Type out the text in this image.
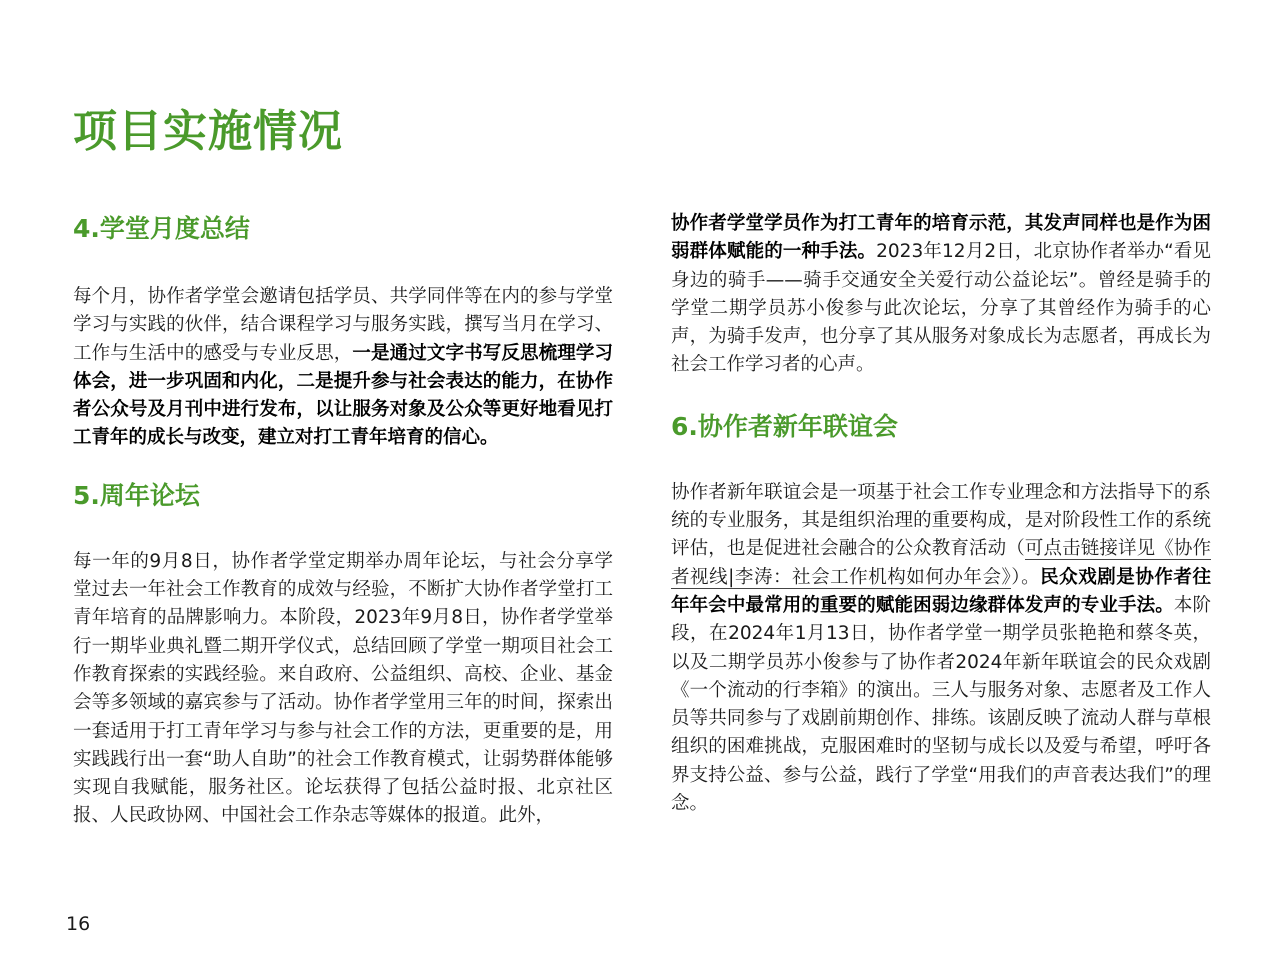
项目实施情况
4.学堂月度总结

每个月，协作者学堂会邀请包括学员、共学同伴等在内的参与学堂学习与实践的伙伴，结合课程学习与服务实践，撰写当月在学习、工作与生活中的感受与专业反思，一是通过文字书写反思梳理学习体会，进一步巩固和内化，二是提升参与社会表达的能力，在协作者公众号及月刊中进行发布，以让服务对象及公众等更好地看见打工青年的成长与改变，建立对打工青年培育的信心。

5.周年论坛

每一年的9月8日，协作者学堂定期举办周年论坛，与社会分享学堂过去一年社会工作教育的成效与经验，不断扩大协作者学堂打工青年培育的品牌影响力。本阶段，2023年9月8日，协作者学堂举行一期毕业典礼暨二期开学仪式，总结回顾了学堂一期项目社会工作教育探索的实践经验。来自政府、公益组织、高校、企业、基金会等多领域的嘉宾参与了活动。协作者学堂用三年的时间，探索出一套适用于打工青年学习与参与社会工作的方法，更重要的是，用实践践行出一套“助人自助”的社会工作教育模式，让弱势群体能够实现自我赋能，服务社区。论坛获得了包括公益时报、北京社区报、人民政协网、中国社会工作杂志等媒体的报道。此外，

协作者学堂学员作为打工青年的培育示范，其发声同样也是作为困弱群体赋能的一种手法。2023年12月2日，北京协作者举办“看见身边的骑手——骑手交通安全关爱行动公益论坛”。曾经是骑手的学堂二期学员苏小俊参与此次论坛，分享了其曾经作为骑手的心声，为骑手发声，也分享了其从服务对象成长为志愿者，再成长为社会工作学习者的心声。

6.协作者新年联谊会

协作者新年联谊会是一项基于社会工作专业理念和方法指导下的系统的专业服务，其是组织治理的重要构成，是对阶段性工作的系统评估，也是促进社会融合的公众教育活动（可点击链接详见《协作者视线|李涛：社会工作机构如何办年会》）。民众戏剧是协作者往年年会中最常用的重要的赋能困弱边缘群体发声的专业手法。本阶段，在2024年1月13日，协作者学堂一期学员张艳艳和蔡冬英，以及二期学员苏小俊参与了协作者2024年新年联谊会的民众戏剧《一个流动的行李箱》的演出。三人与服务对象、志愿者及工作人员等共同参与了戏剧前期创作、排练。该剧反映了流动人群与草根组织的困难挑战，克服困难时的坚韧与成长以及爱与希望，呼吁各界支持公益、参与公益，践行了学堂“用我们的声音表达我们”的理念。

16
